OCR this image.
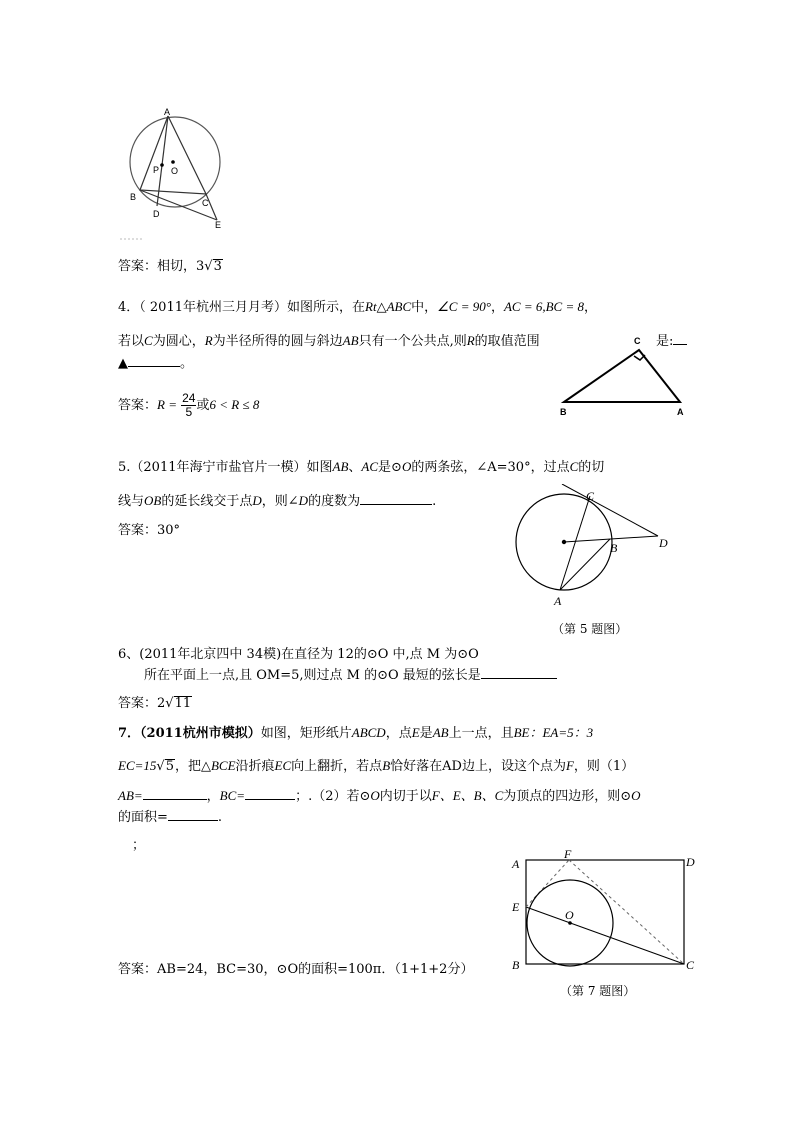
A
P O
B
D
C
E
答案：相切，3√3
4．（ 2011年杭州三月月考）如图所示，在Rt△ABC中，∠C = 90°，AC = 6,BC = 8，
若以C为圆心，R为半径所得的圆与斜边AB只有一个公共点,则R的取值范围	是:
▲	。
答案：$R = \frac{24}{5}$ 或6 < R ≤ 8
C
B	A
5.（2011年海宁市盐官片一模）如图AB、AC是⊙O的两条弦，∠A=30°，过点C的切
线与OB的延长线交于点D，则∠D的度数为	.
答案：30°
C
B	D
A
（第 5 题图）
6、(2011年北京四中 34模)在直径为 12的⊙O 中,点 M 为⊙O
所在平面上一点,且 OM=5,则过点 M 的⊙O 最短的弦长是
答案：2√11
7．（2011杭州市模拟）如图，矩形纸片ABCD，点E是AB上一点，且BE：EA=5：3
EC=15√5，把△BCE沿折痕EC向上翻折，若点B恰好落在AD边上，设这个点为F，则（1）
AB=	，BC=	；.（2）若⊙O内切于以F、E、B、C为顶点的四边形，则⊙O
的面积=	.
；
答案：AB=24，BC=30，⊙O的面积=100π．（1+1+2分）
A
F
D
E
O
B	C
（第 7 题图）
